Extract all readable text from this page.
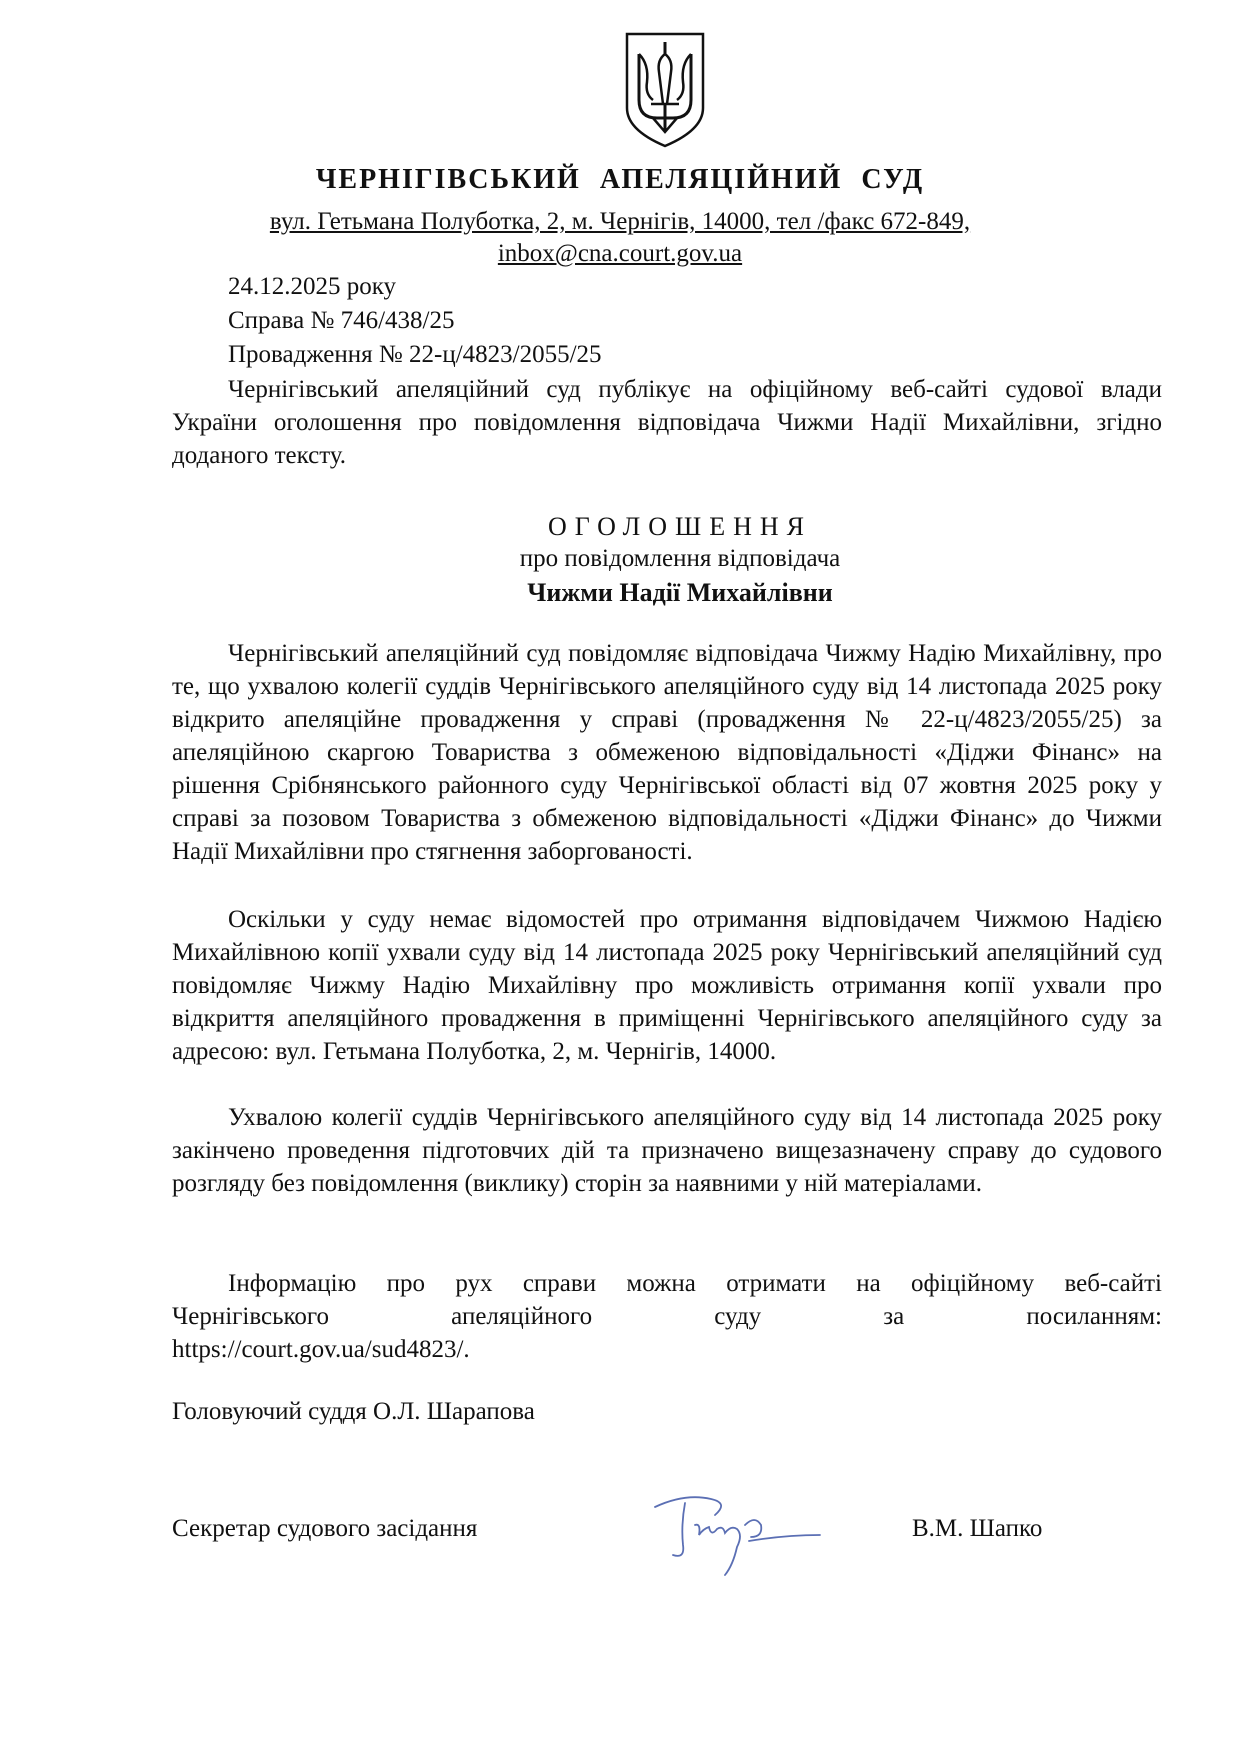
ЧЕРНІГІВСЬКИЙ АПЕЛЯЦІЙНИЙ СУД
вул. Гетьмана Полуботка, 2, м. Чернігів, 14000, тел /факс 672-849,
inbox@cna.court.gov.ua
24.12.2025 року
Справа № 746/438/25
Провадження № 22-ц/4823/2055/25
Чернігівський апеляційний суд публікує на офіційному веб-сайті судової влади України оголошення про повідомлення відповідача Чижми Надії Михайлівни, згідно доданого тексту.
ОГОЛОШЕННЯ
про повідомлення відповідача
Чижми Надії Михайлівни
Чернігівський апеляційний суд повідомляє відповідача Чижму Надію Михайлівну, про те, що ухвалою колегії суддів Чернігівського апеляційного суду від 14 листопада 2025 року відкрито апеляційне провадження у справі (провадження № 22-ц/4823/2055/25) за апеляційною скаргою Товариства з обмеженою відповідальності «Діджи Фінанс» на рішення Срібнянського районного суду Чернігівської області від 07 жовтня 2025 року у справі за позовом Товариства з обмеженою відповідальності «Діджи Фінанс» до Чижми Надії Михайлівни про стягнення заборгованості.
Оскільки у суду немає відомостей про отримання відповідачем Чижмою Надією Михайлівною копії ухвали суду від 14 листопада 2025 року Чернігівський апеляційний суд повідомляє Чижму Надію Михайлівну про можливість отримання копії ухвали про відкриття апеляційного провадження в приміщенні Чернігівського апеляційного суду за адресою: вул. Гетьмана Полуботка, 2, м. Чернігів, 14000.
Ухвалою колегії суддів Чернігівського апеляційного суду від 14 листопада 2025 року закінчено проведення підготовчих дій та призначено вищезазначену справу до судового розгляду без повідомлення (виклику) сторін за наявними у ній матеріалами.
Інформацію про рух справи можна отримати на офіційному веб-сайті
Чернігівського апеляційного суду за посиланням:
https://court.gov.ua/sud4823/.
Головуючий суддя О.Л. Шарапова
Секретар судового засідання	В.М. Шапко
